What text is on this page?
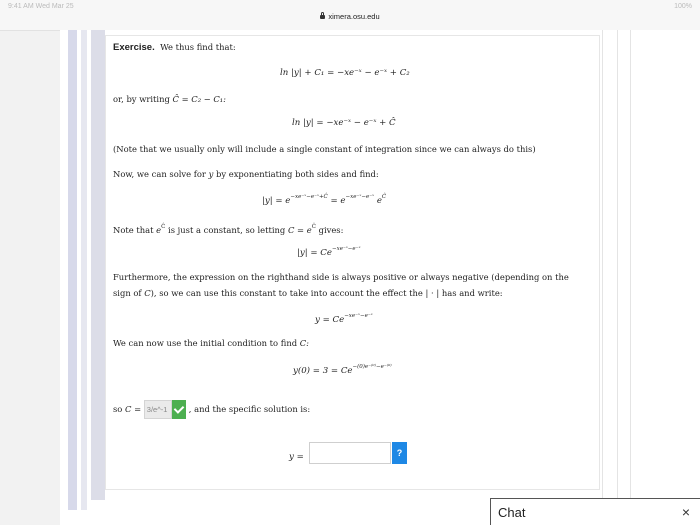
9:41 AM Wed Mar 25	100%
ximera.osu.edu
Exercise. We thus find that:
ln |y| + C₁ = −xe⁻ˣ − e⁻ˣ + C₂
or, by writing Ĉ = C₂ − C₁:
ln |y| = −xe⁻ˣ − e⁻ˣ + Ĉ
(Note that we usually only will include a single constant of integration since we can always do this)
Now, we can solve for y by exponentiating both sides and find:
$|y| = e^{-xe^-ˣ-e^-ˣ+Ĉ} = e^{-xe^-ˣ-e^-ˣ}$ $e^Ĉ$
Note that $e^Ĉ$ is just a constant, so letting $C = e^Ĉ$ gives:
$|y| = Ce^{-xe^-ˣ-e^-ˣ}$
Furthermore, the expression on the righthand side is always positive or always negative (depending on the
sign of C), so we can use this constant to take into account the effect the | · | has and write:
$y = Ce^{-xe^-ˣ-e^-ˣ}$
We can now use the initial condition to find C:
$y(0) = 3 = Ce^{-(0)e^{-(0)}-e^{-(0)}}$
so C = 3/e^-1	, and the specific solution is:
y =	?
Chat	×
